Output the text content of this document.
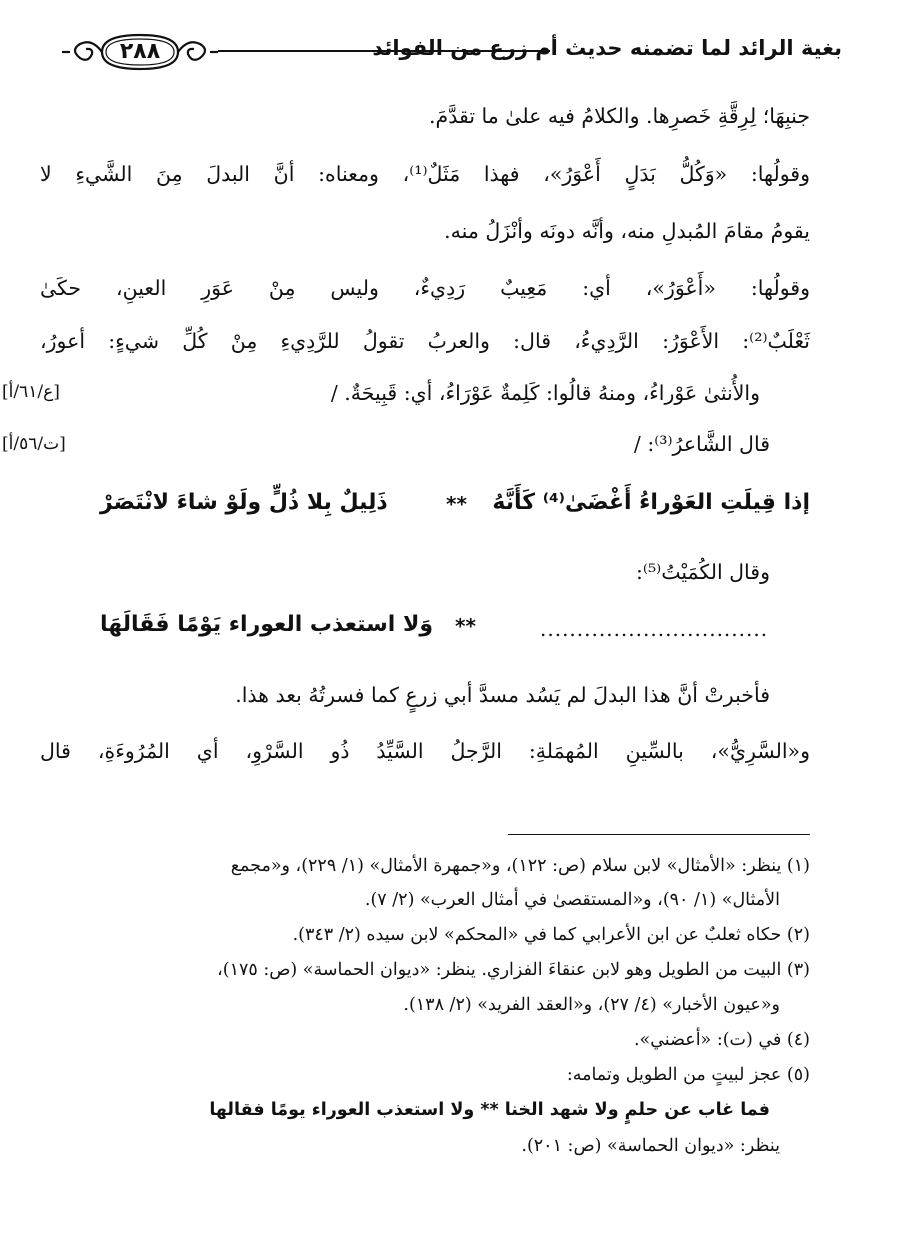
بغية الرائد لما تضمنه حديث أم زرع من الفوائد
٢٨٨
جنبِهَا؛ لِرِقَّةِ خَصرِها. والكلامُ فيه علىٰ ما تقدَّمَ.
وقولُها: «وَكُلُّ بَدَلٍ أَعْوَرُ»، فهذا مَثَلٌ⁽¹⁾، ومعناه: أنَّ البدلَ مِنَ الشَّيءِ لا
يقومُ مقامَ المُبدلِ منه، وأنَّه دونَه وأنْزَلُ منه.
وقولُها: «أَعْوَرُ»، أي: مَعِيبٌ رَدِيءٌ، وليس مِنْ عَوَرِ العينِ، حكَىٰ
ثَعْلَبٌ⁽²⁾: الأَعْوَرُ: الرَّدِيءُ، قال: والعربُ تقولُ للرَّدِيءِ مِنْ كُلِّ شيءٍ: أعورُ،
والأُنثىٰ عَوْراءُ، ومنهُ قالُوا: كَلِمةٌ عَوْرَاءُ، أي: قَبِيحَةٌ. /
قال الشَّاعرُ⁽³⁾: /
وقال الكُمَيْتُ⁽⁵⁾:
فأخبرتْ أنَّ هذا البدلَ لم يَسُد مسدَّ أبي زرعٍ كما فسرتُهُ بعد هذا.
و«السَّرِيُّ»، بالسِّينِ المُهمَلةِ: الرَّجلُ السَّيِّدُ ذُو السَّرْوِ، أي المُرُوءَةِ، قال
[ع/٦١/أ]
[ت/٥٦/أ]
إذا قِيلَتِ العَوْراءُ أَغْضَىٰ⁽⁴⁾ كَأَنَّهُ
**
ذَلِيلٌ بِلا ذُلٍّ ولَوْ شاءَ لانْتَصَرْ
...............................
**
وَلا استعذب العوراء يَوْمًا فَقَالَهَا
(١) ينظر: «الأمثال» لابن سلام (ص: ١٢٢)، و«جمهرة الأمثال» (١/ ٢٢٩)، و«مجمع
الأمثال» (١/ ٩٠)، و«المستقصىٰ في أمثال العرب» (٢/ ٧).
(٢) حكاه ثعلبٌ عن ابن الأعرابي كما في «المحكم» لابن سيده (٢/ ٣٤٣).
(٣) البيت من الطويل وهو لابن عنقاءَ الفزاري. ينظر: «ديوان الحماسة» (ص: ١٧٥)،
و«عيون الأخبار» (٤/ ٢٧)، و«العقد الفريد» (٢/ ١٣٨).
(٤) في (ت): «أعضني».
(٥) عجز لبيتٍ من الطويل وتمامه:
فما غاب عن حلمٍ ولا شهد الخنا ** ولا استعذب العوراء يومًا فقالها
ينظر: «ديوان الحماسة» (ص: ٢٠١).
